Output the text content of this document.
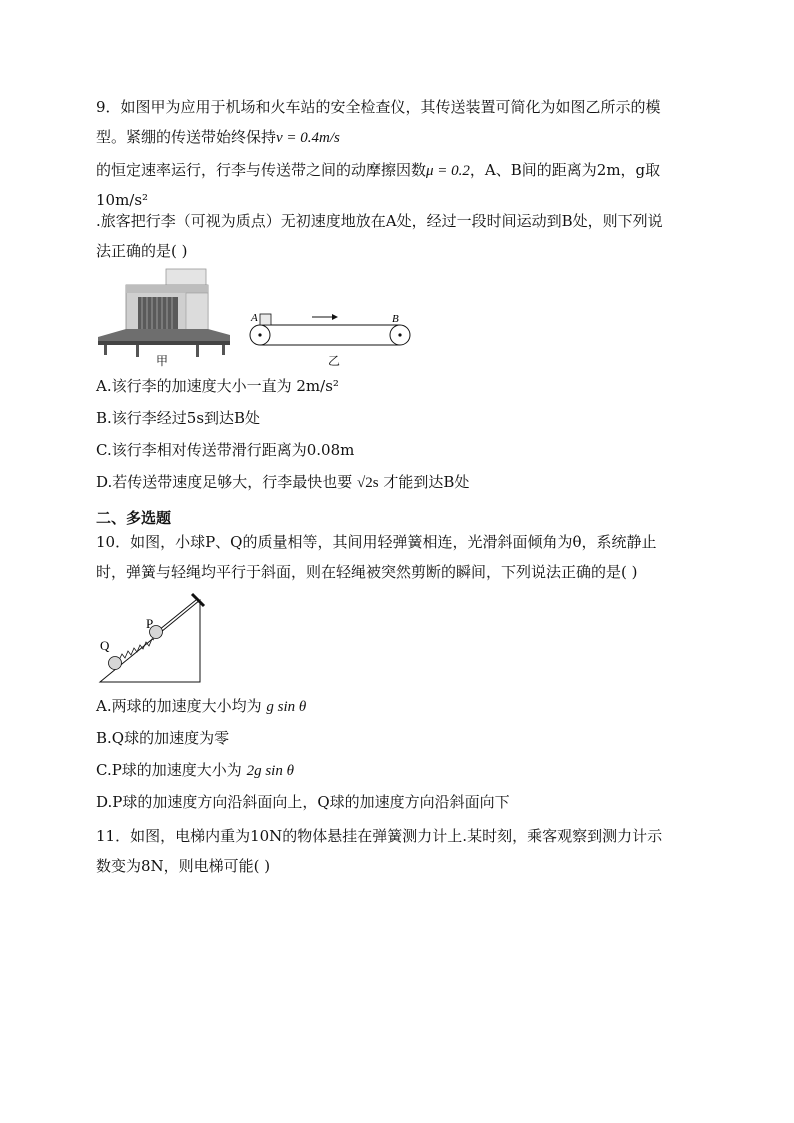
9．如图甲为应用于机场和火车站的安全检查仪，其传送装置可简化为如图乙所示的模
型。紧绷的传送带始终保持v = 0.4m/s
的恒定速率运行，行李与传送带之间的动摩擦因数μ = 0.2，A、B间的距离为2m，g取
10m/s²
.旅客把行李（可视为质点）无初速度地放在A处，经过一段时间运动到B处，则下列说
法正确的是( )
甲
A	B
乙
A.该行李的加速度大小一直为 2m/s²
B.该行李经过5s到达B处
C.该行李相对传送带滑行距离为0.08m
D.若传送带速度足够大，行李最快也要 √2s 才能到达B处
二、多选题
10．如图，小球P、Q的质量相等，其间用轻弹簧相连，光滑斜面倾角为θ，系统静止
时，弹簧与轻绳均平行于斜面，则在轻绳被突然剪断的瞬间，下列说法正确的是( )
P
Q
A.两球的加速度大小均为 g sin θ
B.Q球的加速度为零
C.P球的加速度大小为 2g sin θ
D.P球的加速度方向沿斜面向上，Q球的加速度方向沿斜面向下
11．如图，电梯内重为10N的物体悬挂在弹簧测力计上.某时刻，乘客观察到测力计示
数变为8N，则电梯可能( )
